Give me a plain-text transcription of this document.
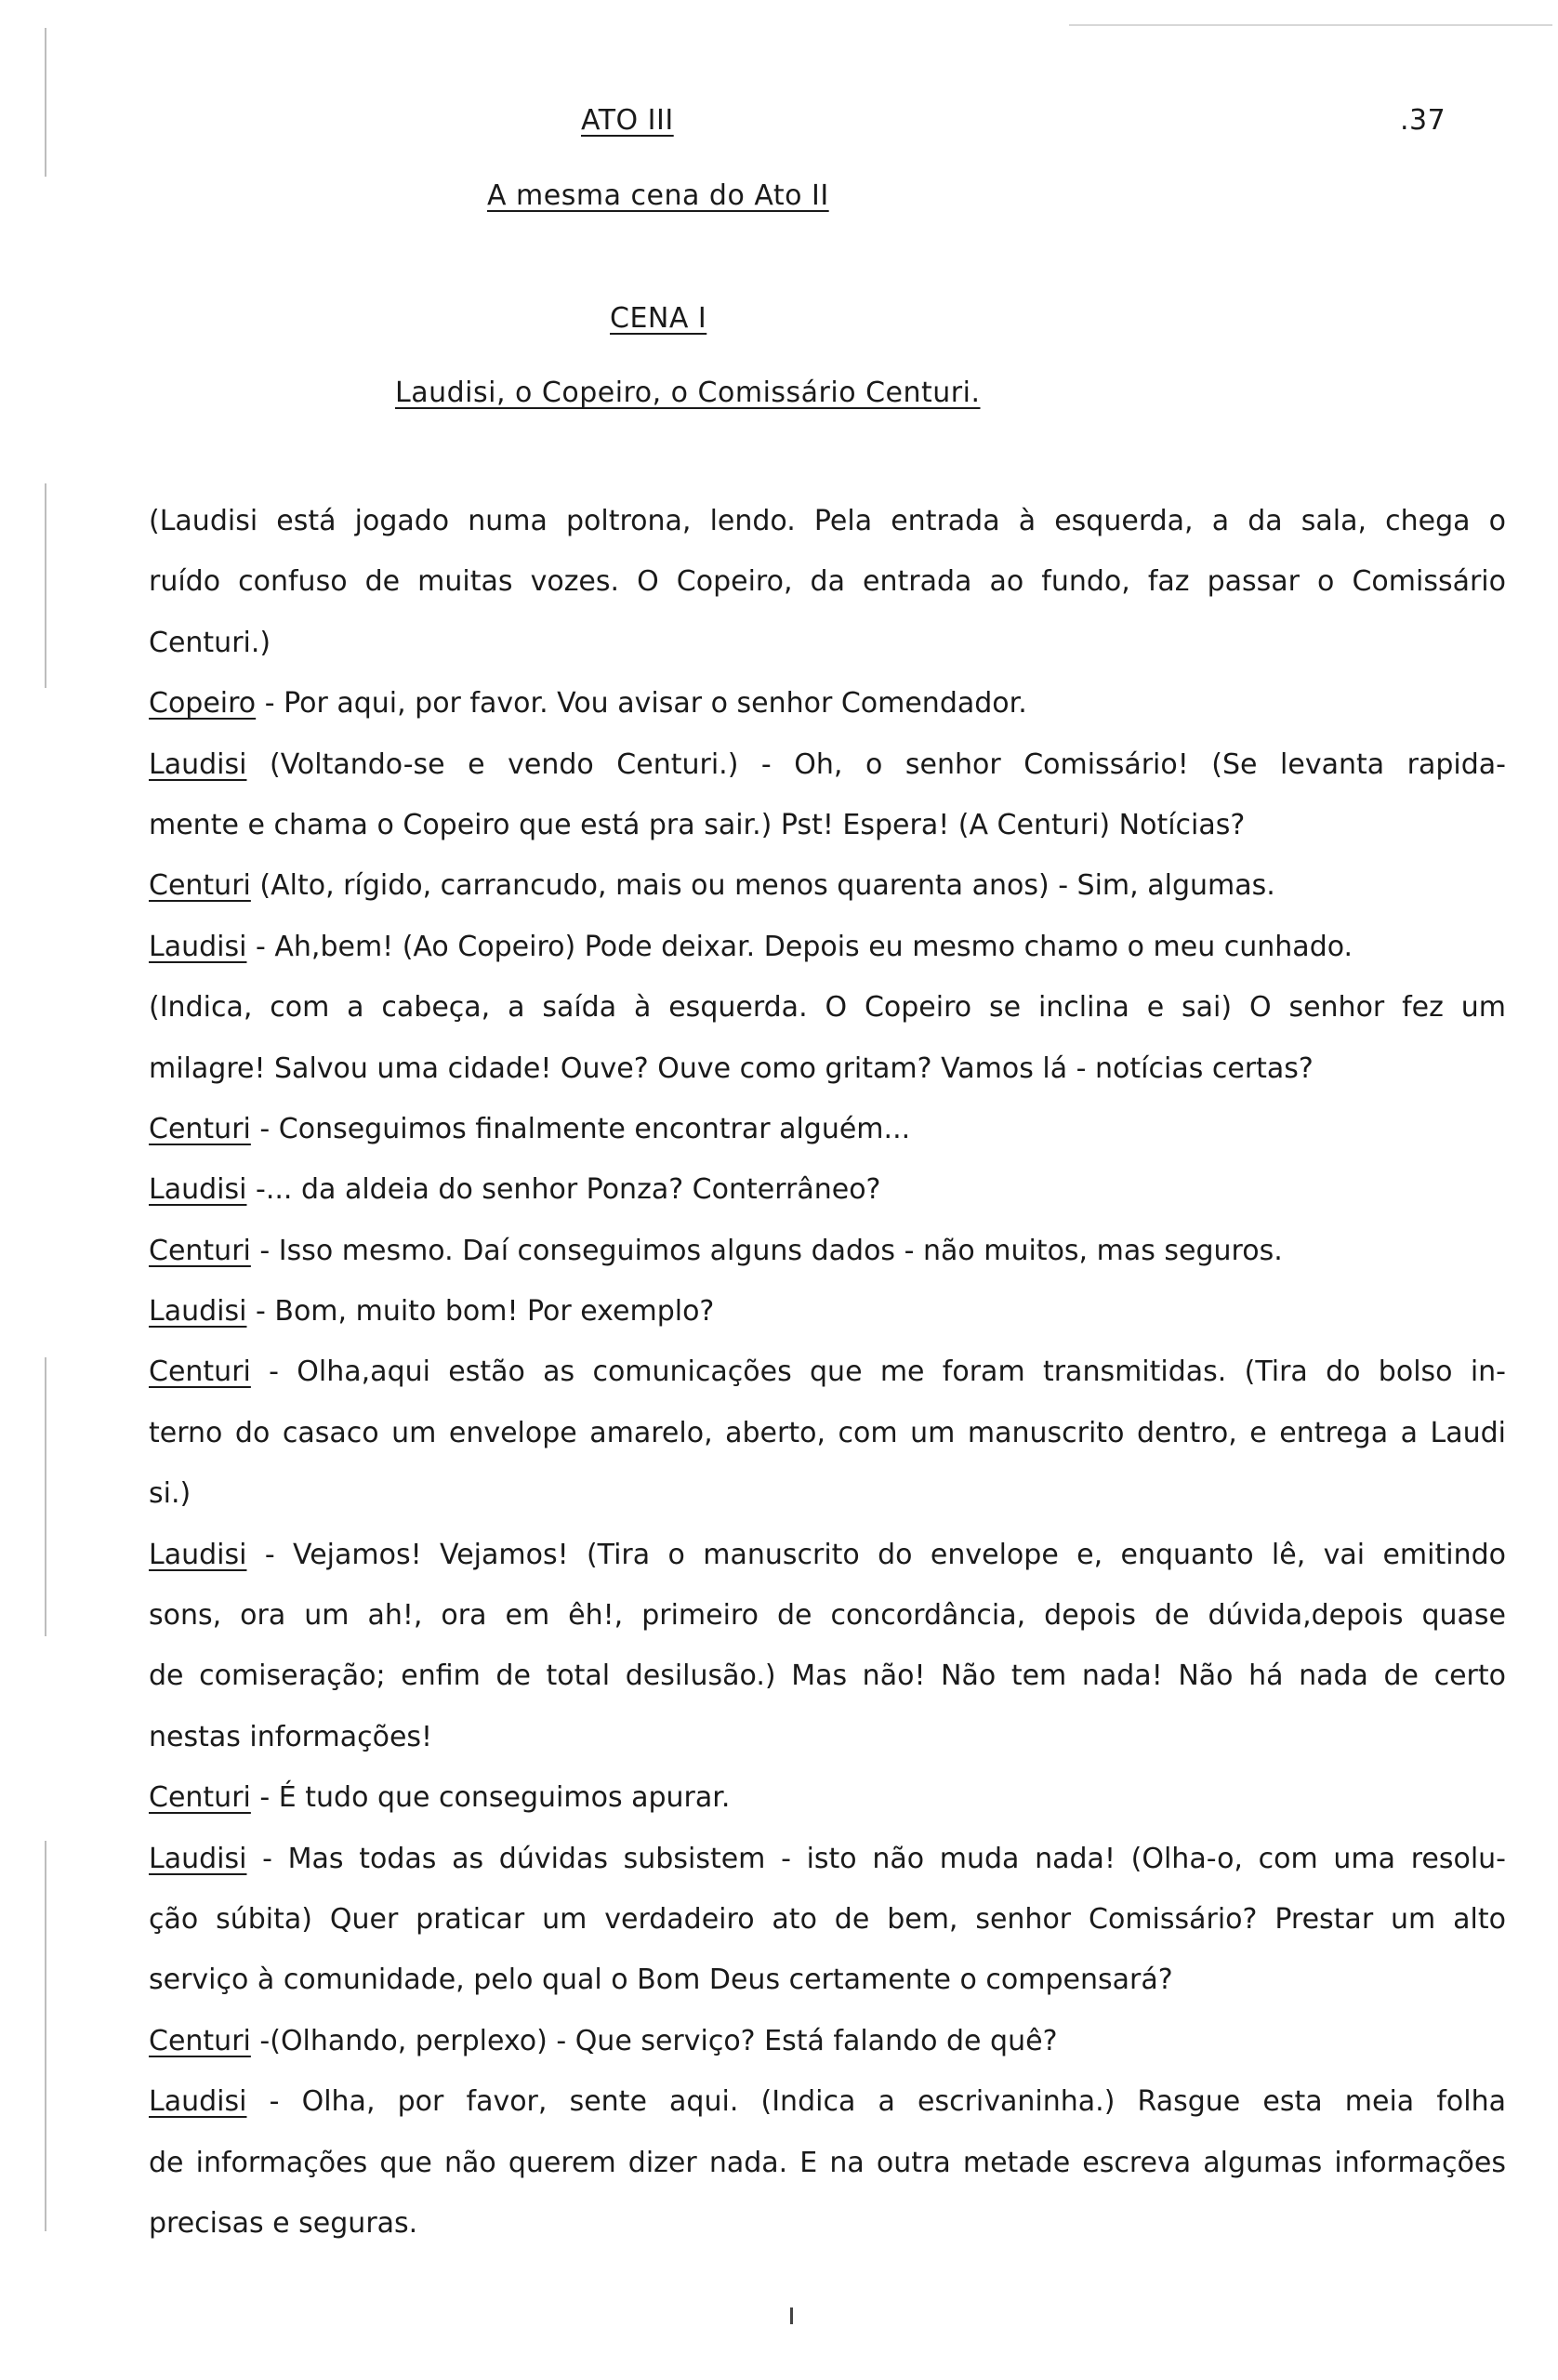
ATO III	.37
A mesma cena do Ato II
CENA I
Laudisi, o Copeiro, o Comissário Centuri.
(Laudisi está jogado numa poltrona, lendo. Pela entrada à esquerda, a da sala, chega o
ruído confuso de muitas vozes. O Copeiro, da entrada ao fundo, faz passar o Comissário
Centuri.)
Copeiro - Por aqui, por favor. Vou avisar o senhor Comendador.
Laudisi (Voltando-se e vendo Centuri.) - Oh, o senhor Comissário! (Se levanta rapida-
mente e chama o Copeiro que está pra sair.) Pst! Espera! (A Centuri) Notícias?
Centuri (Alto, rígido, carrancudo, mais ou menos quarenta anos) - Sim, algumas.
Laudisi - Ah,bem! (Ao Copeiro) Pode deixar. Depois eu mesmo chamo o meu cunhado.
(Indica, com a cabeça, a saída à esquerda. O Copeiro se inclina e sai) O senhor fez um
milagre! Salvou uma cidade! Ouve? Ouve como gritam? Vamos lá - notícias certas?
Centuri - Conseguimos finalmente encontrar alguém...
Laudisi -... da aldeia do senhor Ponza? Conterrâneo?
Centuri - Isso mesmo. Daí conseguimos alguns dados - não muitos, mas seguros.
Laudisi - Bom, muito bom! Por exemplo?
Centuri - Olha,aqui estão as comunicações que me foram transmitidas. (Tira do bolso in-
terno do casaco um envelope amarelo, aberto, com um manuscrito dentro, e entrega a Laudi
si.)
Laudisi - Vejamos! Vejamos! (Tira o manuscrito do envelope e, enquanto lê, vai emitindo
sons, ora um ah!, ora em êh!, primeiro de concordância, depois de dúvida,depois quase
de comiseração; enfim de total desilusão.) Mas não! Não tem nada! Não há nada de certo
nestas informações!
Centuri - É tudo que conseguimos apurar.
Laudisi - Mas todas as dúvidas subsistem - isto não muda nada! (Olha-o, com uma resolu-
ção súbita) Quer praticar um verdadeiro ato de bem, senhor Comissário? Prestar um alto
serviço à comunidade, pelo qual o Bom Deus certamente o compensará?
Centuri -(Olhando, perplexo) - Que serviço? Está falando de quê?
Laudisi - Olha, por favor, sente aqui. (Indica a escrivaninha.) Rasgue esta meia folha
de informações que não querem dizer nada. E na outra metade escreva algumas informações
precisas e seguras.
